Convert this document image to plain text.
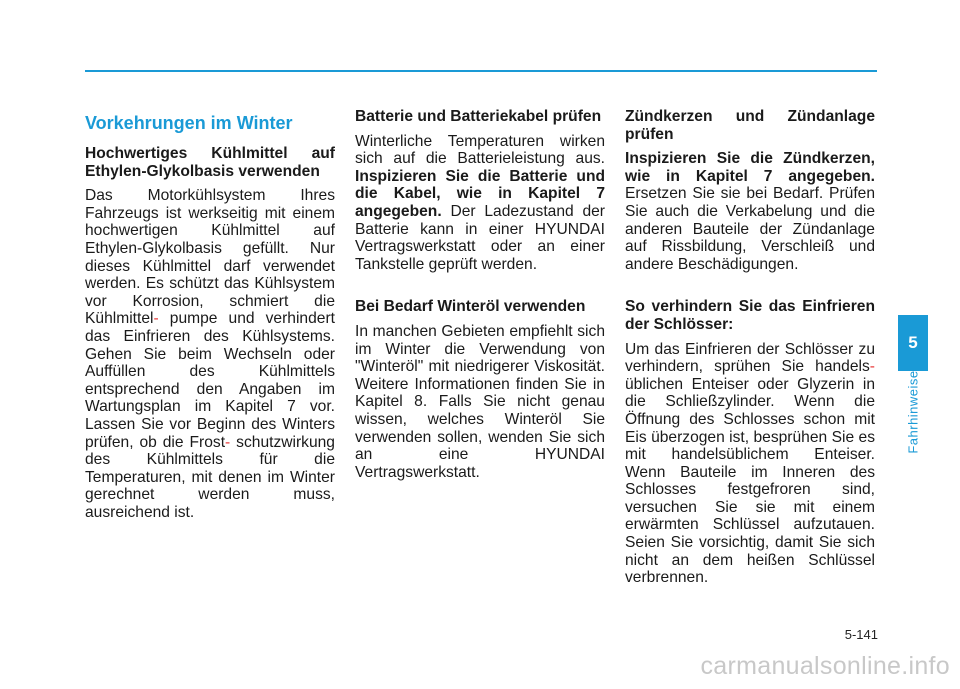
Vorkehrungen im Winter
Hochwertiges Kühlmittel auf Ethylen-Glykolbasis verwenden
Das Motorkühlsystem Ihres Fahrzeugs ist werkseitig mit einem hochwertigen Kühlmittel auf Ethylen-Glykolbasis gefüllt. Nur dieses Kühlmittel darf verwendet werden. Es schützt das Kühlsystem vor Korrosion, schmiert die Kühlmittel- pumpe und verhindert das Einfrieren des Kühlsystems. Gehen Sie beim Wechseln oder Auffüllen des Kühlmittels entsprechend den Angaben im Wartungsplan im Kapitel 7 vor. Lassen Sie vor Beginn des Winters prüfen, ob die Frost- schutzwirkung des Kühlmittels für die Temperaturen, mit denen im Winter gerechnet werden muss, ausreichend ist.
Batterie und Batteriekabel prüfen
Winterliche Temperaturen wirken sich auf die Batterieleistung aus. Inspizieren Sie die Batterie und die Kabel, wie in Kapitel 7 angegeben. Der Ladezustand der Batterie kann in einer HYUNDAI Vertragswerkstatt oder an einer Tankstelle geprüft werden.
Bei Bedarf Winteröl verwenden
In manchen Gebieten empfiehlt sich im Winter die Verwendung von "Winteröl" mit niedrigerer Viskosität. Weitere Informationen finden Sie in Kapitel 8. Falls Sie nicht genau wissen, welches Winteröl Sie verwenden sollen, wenden Sie sich an eine HYUNDAI Vertragswerkstatt.
Zündkerzen und Zündanlage prüfen
Inspizieren Sie die Zündkerzen, wie in Kapitel 7 angegeben. Ersetzen Sie sie bei Bedarf. Prüfen Sie auch die Verkabelung und die anderen Bauteile der Zündanlage auf Rissbildung, Verschleiß und andere Beschädigungen.
So verhindern Sie das Einfrieren der Schlösser:
Um das Einfrieren der Schlösser zu verhindern, sprühen Sie handels- üblichen Enteiser oder Glyzerin in die Schließzylinder. Wenn die Öffnung des Schlosses schon mit Eis überzogen ist, besprühen Sie es mit handelsüblichem Enteiser. Wenn Bauteile im Inneren des Schlosses festgefroren sind, versuchen Sie sie mit einem erwärmten Schlüssel aufzutauen. Seien Sie vorsichtig, damit Sie sich nicht an dem heißen Schlüssel verbrennen.
5
Fahrhinweise
5-141
carmanualsonline.info
